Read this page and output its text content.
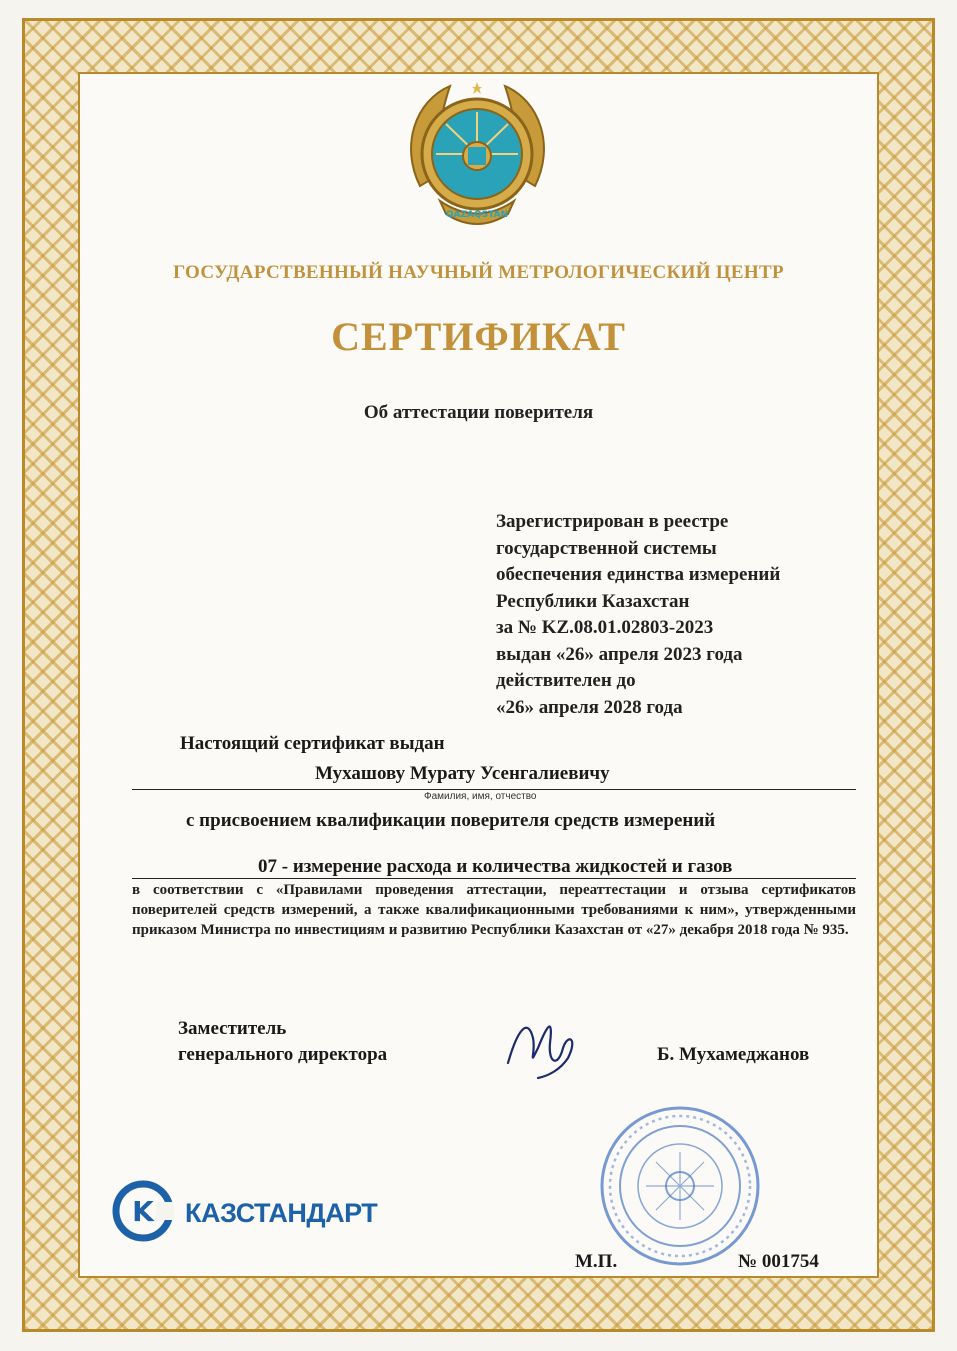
QAZAQSTAN
ГОСУДАРСТВЕННЫЙ НАУЧНЫЙ МЕТРОЛОГИЧЕСКИЙ ЦЕНТР
СЕРТИФИКАТ
Об аттестации поверителя
Зарегистрирован в реестре
государственной системы
обеспечения единства измерений
Республики Казахстан
за № KZ.08.01.02803-2023
выдан «26» апреля 2023 года
действителен до
«26» апреля 2028 года
Настоящий сертификат выдан
Мухашову Мурату Усенгалиевичу
Фамилия, имя, отчество
с присвоением квалификации поверителя средств измерений
07 - измерение расхода и количества жидкостей и газов
в соответствии с «Правилами проведения аттестации, переаттестации и отзыва сертификатов поверителей средств измерений, а также квалификационными требованиями к ним», утвержденными приказом Министра по инвестициям и развитию Республики Казахстан от «27» декабря 2018 года № 935.
Заместитель
генерального директора	Б. Мухамеджанов
K КАЗСТАНДАРТ
М.П.	№ 001754
